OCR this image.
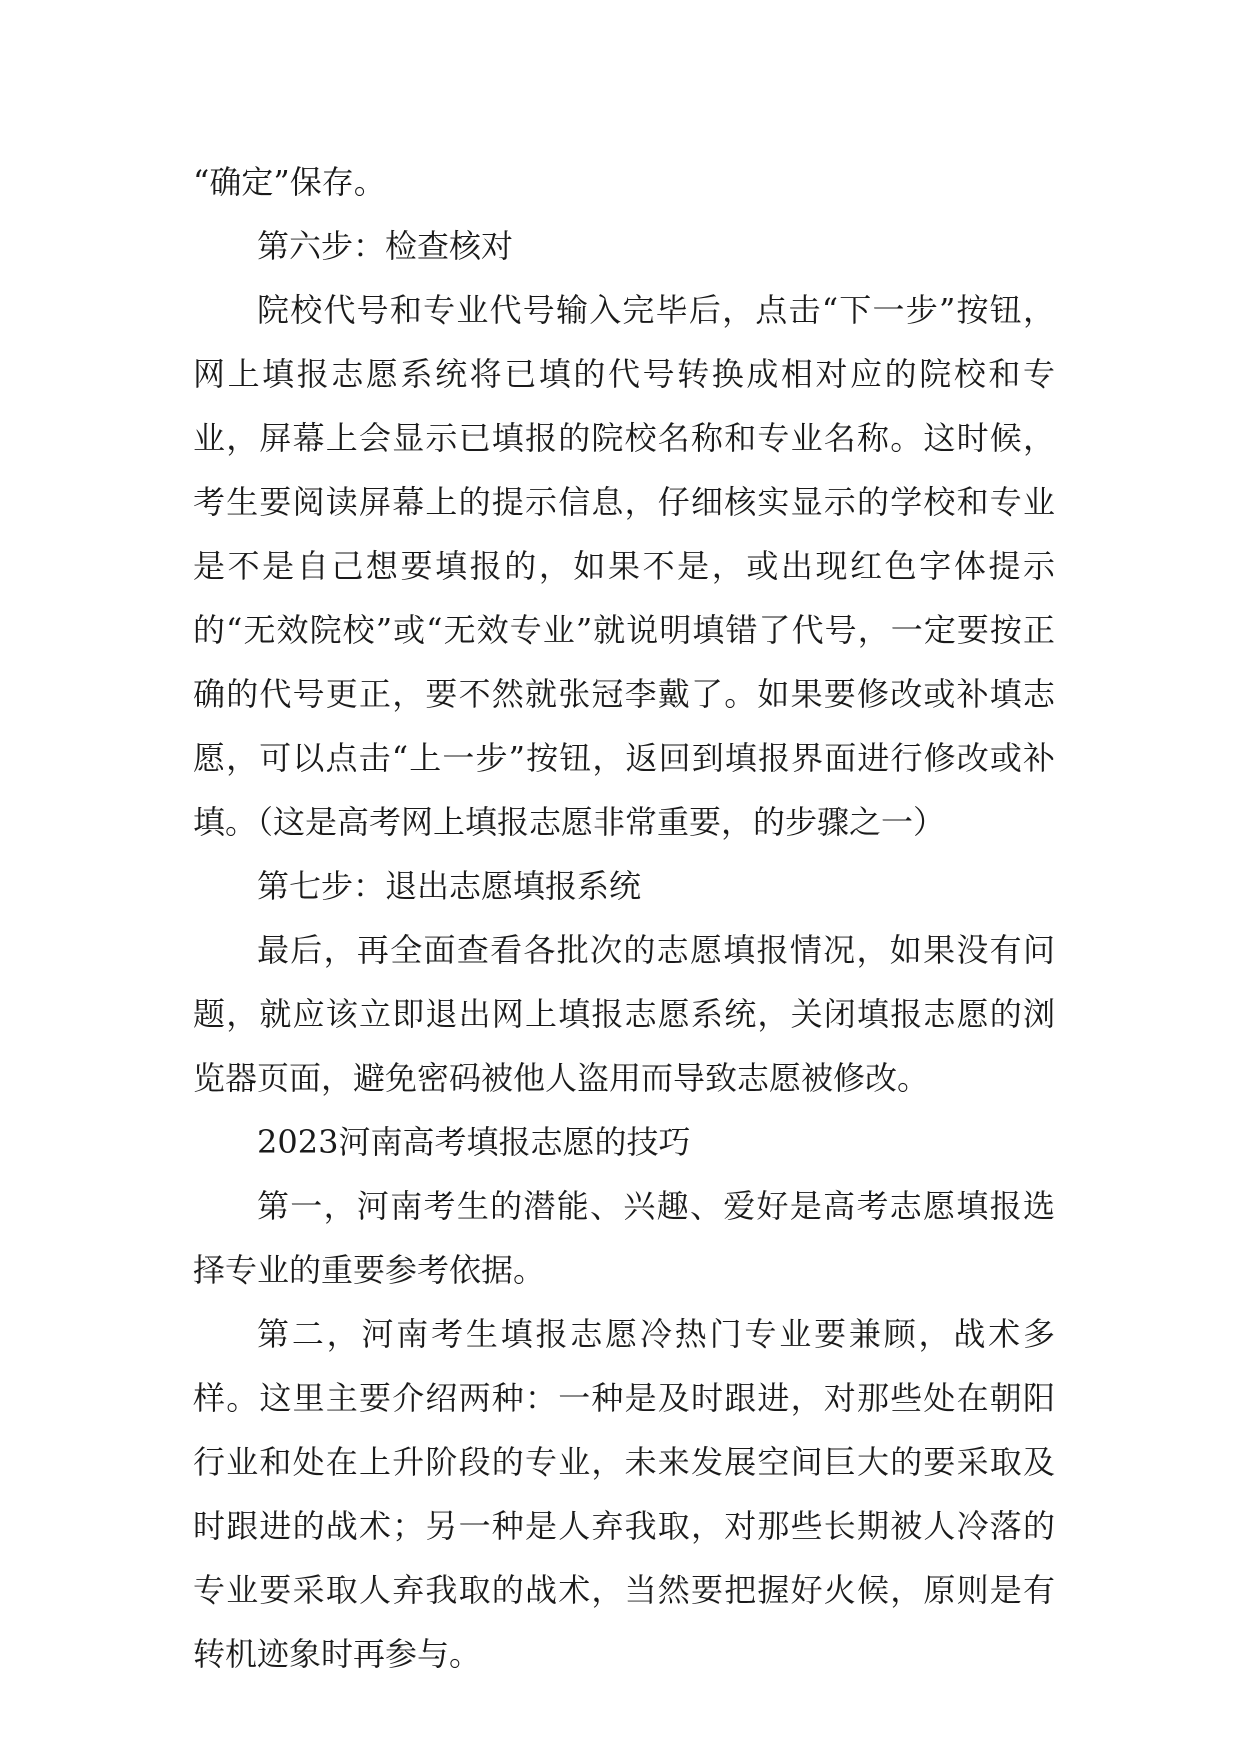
“确定”保存。

第六步：检查核对

院校代号和专业代号输入完毕后，点击“下一步”按钮，网上填报志愿系统将已填的代号转换成相对应的院校和专业，屏幕上会显示已填报的院校名称和专业名称。这时候，考生要阅读屏幕上的提示信息，仔细核实显示的学校和专业是不是自己想要填报的，如果不是，或出现红色字体提示的“无效院校”或“无效专业”就说明填错了代号，一定要按正确的代号更正，要不然就张冠李戴了。如果要修改或补填志愿，可以点击“上一步”按钮，返回到填报界面进行修改或补填。（这是高考网上填报志愿非常重要，的步骤之一）

第七步：退出志愿填报系统

最后，再全面查看各批次的志愿填报情况，如果没有问题，就应该立即退出网上填报志愿系统，关闭填报志愿的浏览器页面，避免密码被他人盗用而导致志愿被修改。

2023河南高考填报志愿的技巧

第一，河南考生的潜能、兴趣、爱好是高考志愿填报选择专业的重要参考依据。

第二，河南考生填报志愿冷热门专业要兼顾，战术多样。这里主要介绍两种：一种是及时跟进，对那些处在朝阳行业和处在上升阶段的专业，未来发展空间巨大的要采取及时跟进的战术；另一种是人弃我取，对那些长期被人冷落的专业要采取人弃我取的战术，当然要把握好火候，原则是有转机迹象时再参与。
